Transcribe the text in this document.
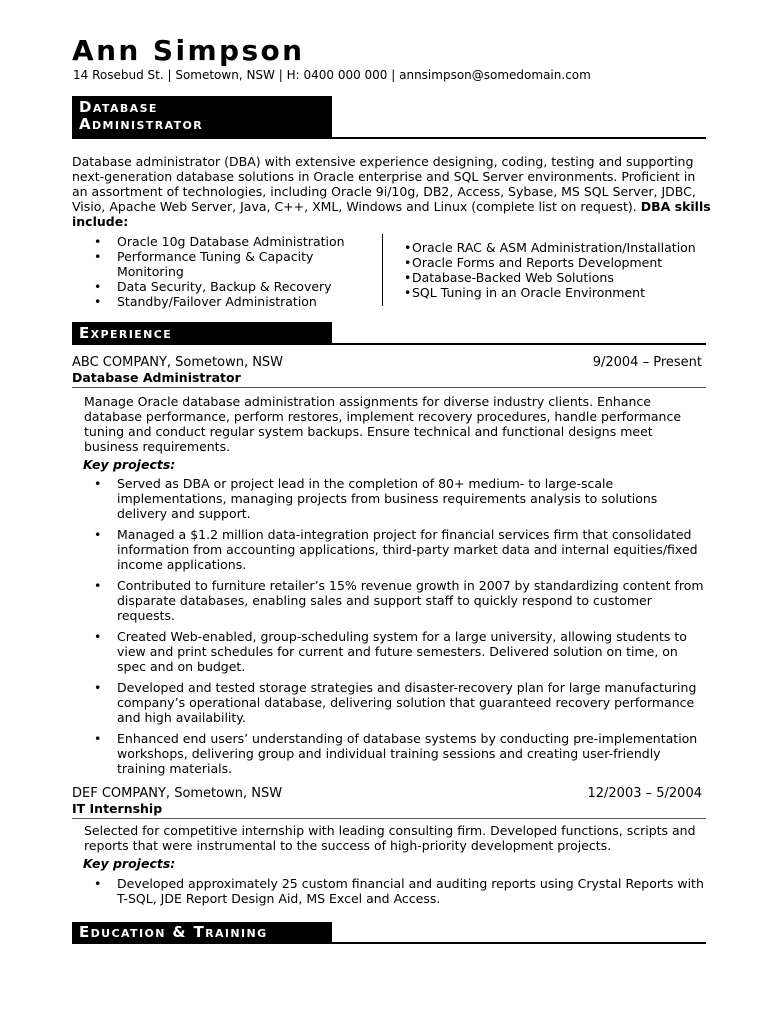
Ann Simpson
14 Rosebud St. | Sometown, NSW | H: 0400 000 000 | annsimpson@somedomain.com
Database
Administrator
Database administrator (DBA) with extensive experience designing, coding, testing and supporting next-generation database solutions in Oracle enterprise and SQL Server environments. Proficient in an assortment of technologies, including Oracle 9i/10g, DB2, Access, Sybase, MS SQL Server, JDBC, Visio, Apache Web Server, Java, C++, XML, Windows and Linux (complete list on request). DBA skills include:
• Oracle 10g Database Administration
• Performance Tuning & Capacity Monitoring
• Data Security, Backup & Recovery
• Standby/Failover Administration
• Oracle RAC & ASM Administration/Installation
• Oracle Forms and Reports Development
• Database-Backed Web Solutions
• SQL Tuning in an Oracle Environment
Experience
ABC COMPANY, Sometown, NSW	9/2004 – Present
Database Administrator
Manage Oracle database administration assignments for diverse industry clients. Enhance database performance, perform restores, implement recovery procedures, handle performance tuning and conduct regular system backups. Ensure technical and functional designs meet business requirements.
Key projects:
• Served as DBA or project lead in the completion of 80+ medium- to large-scale implementations, managing projects from business requirements analysis to solutions delivery and support.
• Managed a $1.2 million data-integration project for financial services firm that consolidated information from accounting applications, third-party market data and internal equities/fixed income applications.
• Contributed to furniture retailer’s 15% revenue growth in 2007 by standardizing content from disparate databases, enabling sales and support staff to quickly respond to customer requests.
• Created Web-enabled, group-scheduling system for a large university, allowing students to view and print schedules for current and future semesters. Delivered solution on time, on spec and on budget.
• Developed and tested storage strategies and disaster-recovery plan for large manufacturing company’s operational database, delivering solution that guaranteed recovery performance and high availability.
• Enhanced end users’ understanding of database systems by conducting pre-implementation workshops, delivering group and individual training sessions and creating user-friendly training materials.
DEF COMPANY, Sometown, NSW	12/2003 – 5/2004
IT Internship
Selected for competitive internship with leading consulting firm. Developed functions, scripts and reports that were instrumental to the success of high-priority development projects.
Key projects:
• Developed approximately 25 custom financial and auditing reports using Crystal Reports with T-SQL, JDE Report Design Aid, MS Excel and Access.
Education & Training
